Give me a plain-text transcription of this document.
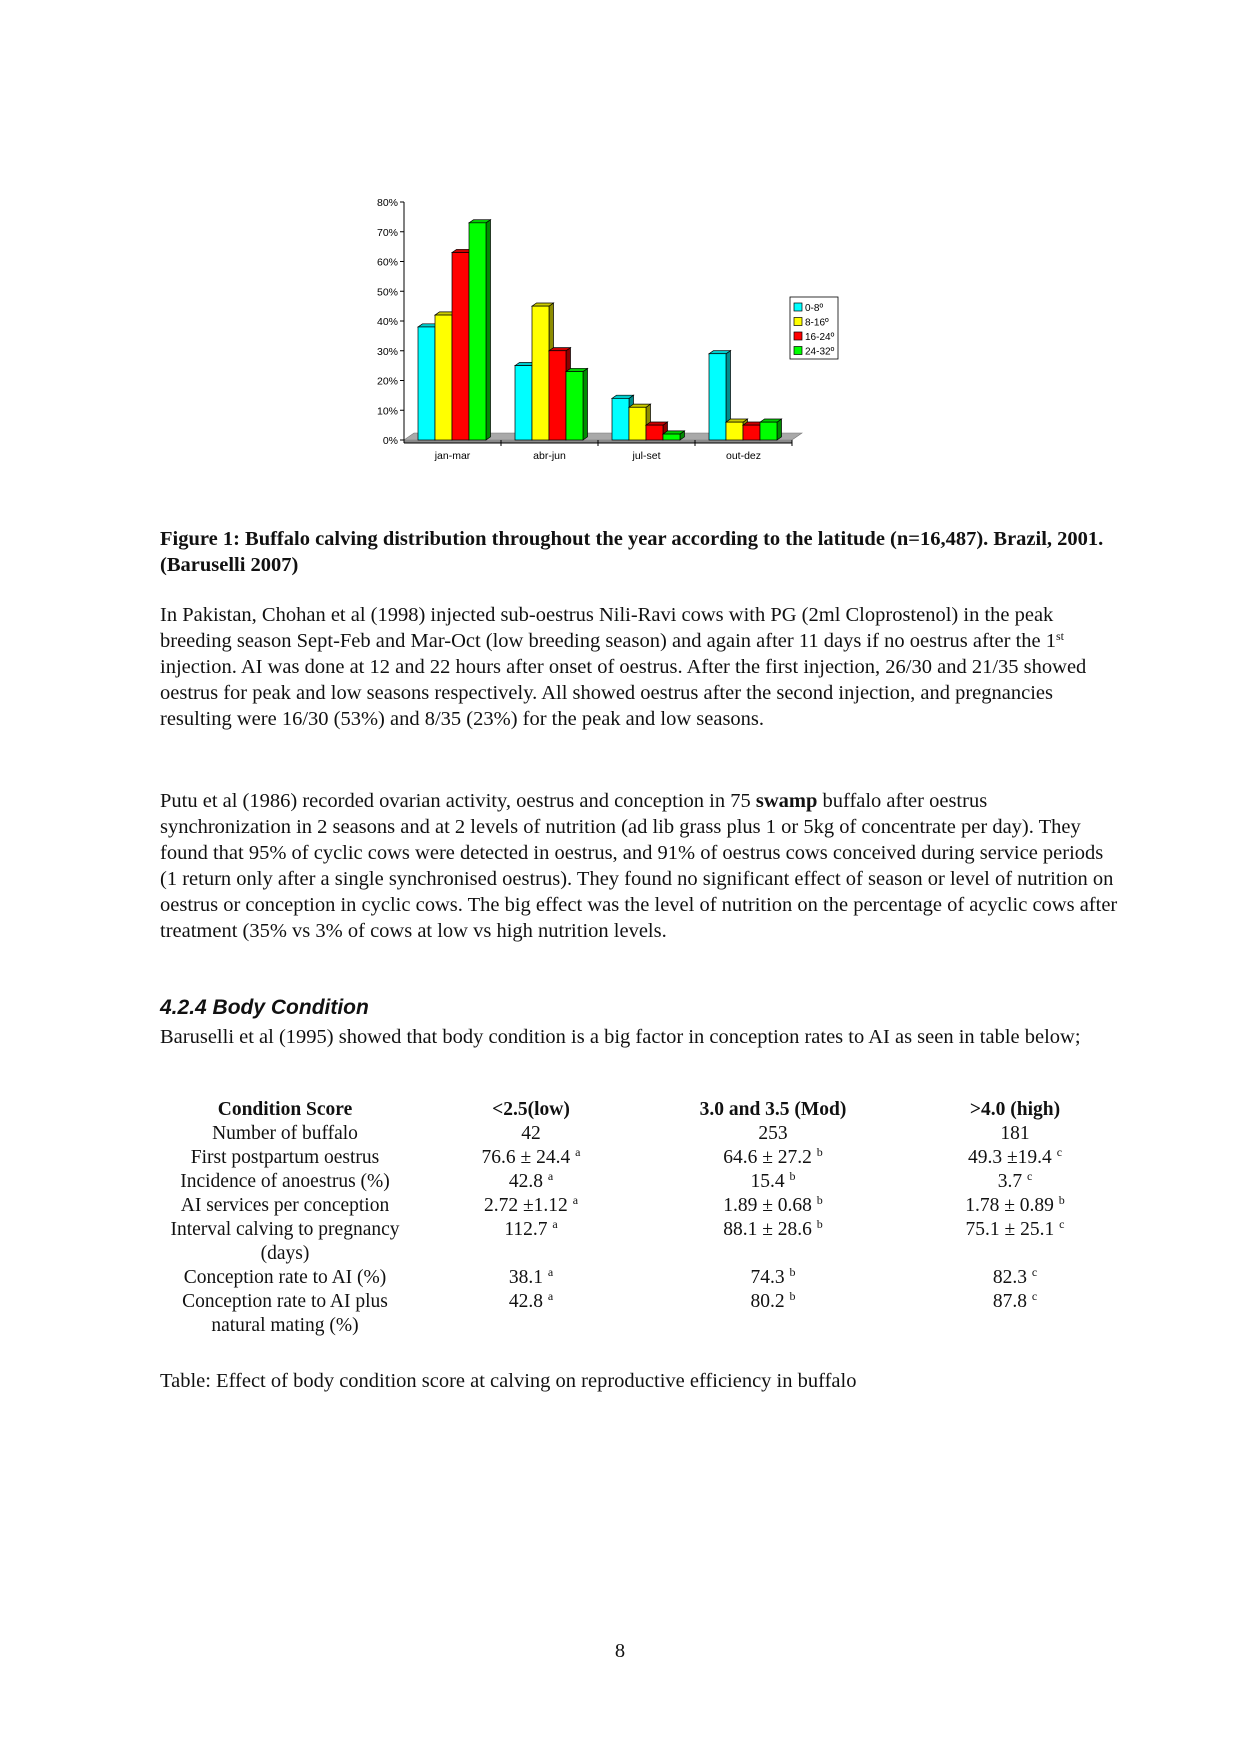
0%
10%
20%
30%
40%
50%
60%
70%
80%
jan-mar	abr-jun	jul-set	out-dez
0-8º
8-16º
16-24º
24-32º
Figure 1: Buffalo calving distribution throughout the year according to the latitude (n=16,487). Brazil, 2001. (Baruselli 2007)
In Pakistan, Chohan et al (1998) injected sub-oestrus Nili-Ravi cows with PG (2ml Cloprostenol) in the peak breeding season Sept-Feb and Mar-Oct (low breeding season) and again after 11 days if no oestrus after the 1st injection. AI was done at 12 and 22 hours after onset of oestrus. After the first injection, 26/30 and 21/35 showed oestrus for peak and low seasons respectively. All showed oestrus after the second injection, and pregnancies resulting were 16/30 (53%) and 8/35 (23%) for the peak and low seasons.
Putu et al (1986) recorded ovarian activity, oestrus and conception in 75 swamp buffalo after oestrus synchronization in 2 seasons and at 2 levels of nutrition (ad lib grass plus 1 or 5kg of concentrate per day). They found that 95% of cyclic cows were detected in oestrus, and 91% of oestrus cows conceived during service periods (1 return only after a single synchronised oestrus). They found no significant effect of season or level of nutrition on oestrus or conception in cyclic cows. The big effect was the level of nutrition on the percentage of acyclic cows after treatment (35% vs 3% of cows at low vs high nutrition levels.
4.2.4 Body Condition
Baruselli et al (1995) showed that body condition is a big factor in conception rates to AI as seen in table below;
Condition Score	<2.5(low)	3.0 and 3.5 (Mod)	>4.0 (high)
Number of buffalo	42	253	181
First postpartum oestrus	76.6 ± 24.4 $^a$	64.6 ± 27.2 $^b$	49.3 ±19.4 $^c$
Incidence of anoestrus (%)	42.8 $^a$	15.4 $^b$	3.7 $^c$
AI services per conception	2.72 ±1.12 $^a$	1.89 ± 0.68 $^b$	1.78 ± 0.89 $^b$
Interval calving to pregnancy (days)	112.7 $^a$	88.1 ± 28.6 $^b$	75.1 ± 25.1 $^c$
Conception rate to AI (%)	38.1 $^a$	74.3 $^b$	82.3 $^c$
Conception rate to AI plus natural mating (%)	42.8 $^a$	80.2 $^b$	87.8 $^c$
Table: Effect of body condition score at calving on reproductive efficiency in buffalo
8
